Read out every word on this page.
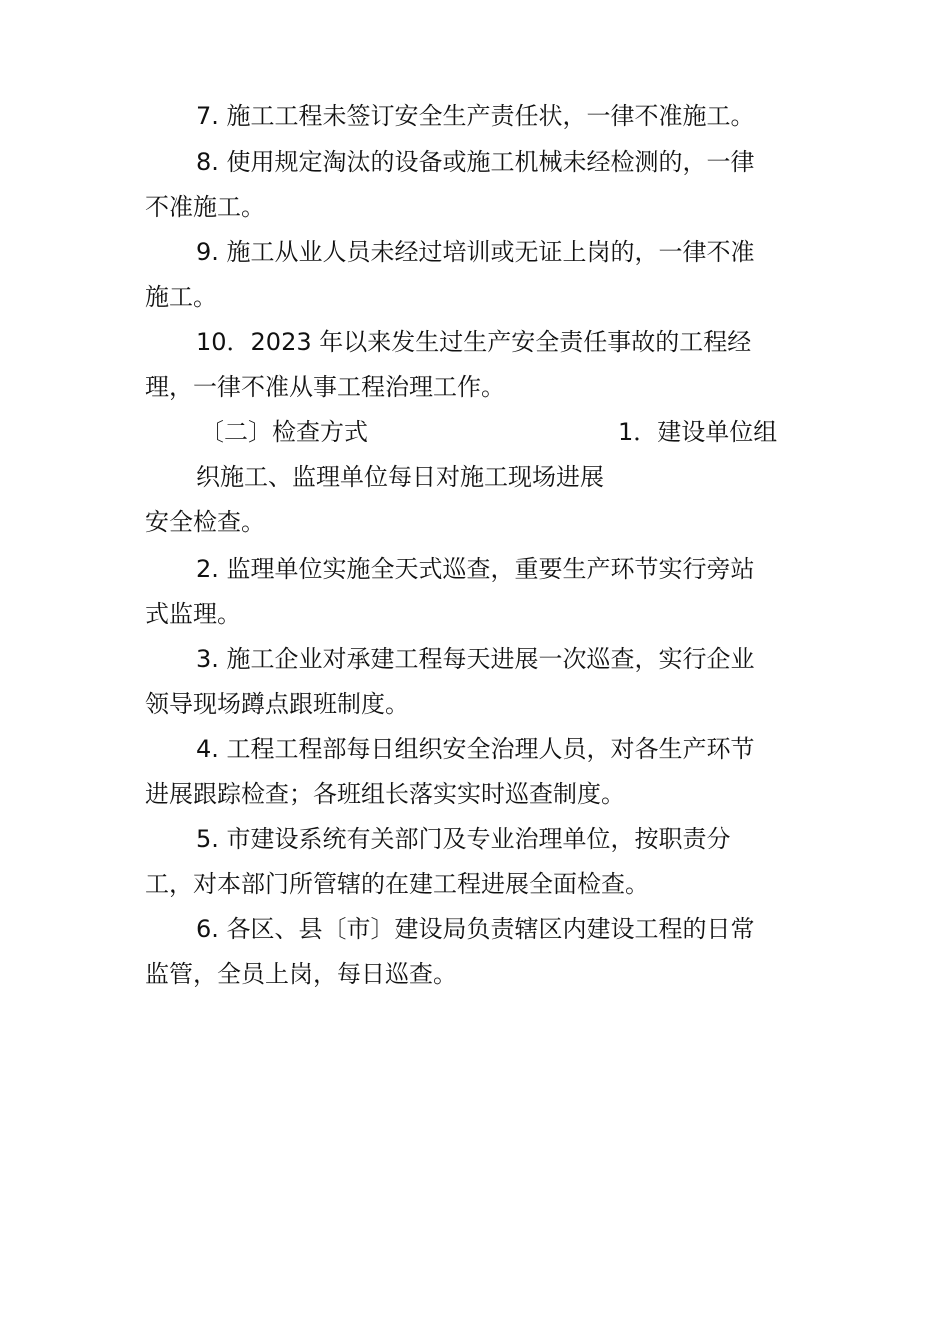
7. 施工工程未签订安全生产责任状，一律不准施工。

8. 使用规定淘汰的设备或施工机械未经检测的，一律

不准施工。

9. 施工从业人员未经过培训或无证上岗的，一律不准

施工。

10．2023 年以来发生过生产安全责任事故的工程经

理，一律不准从事工程治理工作。

〔二〕检查方式	1．建设单位组

织施工、监理单位每日对施工现场进展

安全检查。

2. 监理单位实施全天式巡查，重要生产环节实行旁站

式监理。

3. 施工企业对承建工程每天进展一次巡查，实行企业

领导现场蹲点跟班制度。

4. 工程工程部每日组织安全治理人员，对各生产环节

进展跟踪检查；各班组长落实实时巡查制度。

5. 市建设系统有关部门及专业治理单位，按职责分

工，对本部门所管辖的在建工程进展全面检查。

6. 各区、县〔市〕建设局负责辖区内建设工程的日常

监管，全员上岗，每日巡查。
